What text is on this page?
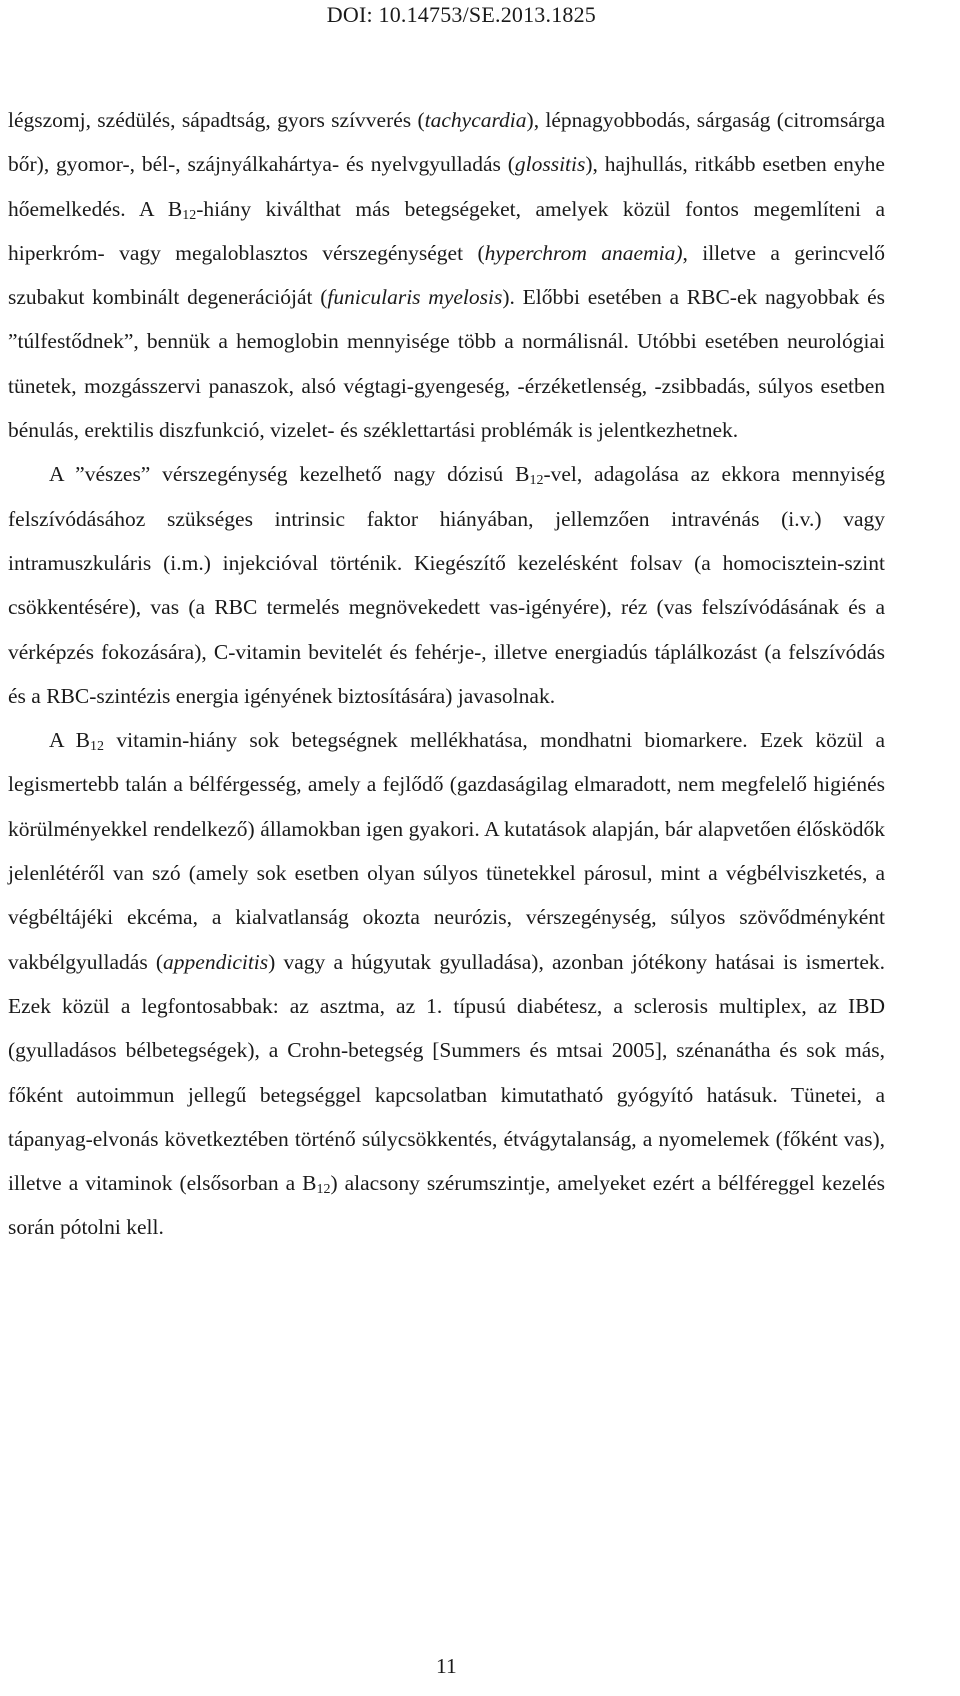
DOI: 10.14753/SE.2013.1825

légszomj, szédülés, sápadtság, gyors szívverés (tachycardia), lépnagyobbodás, sárgaság (citromsárga bőr), gyomor-, bél-, szájnyálkahártya- és nyelvgyulladás (glossitis), hajhullás, ritkább esetben enyhe hőemelkedés. A $B_{12}$-hiány kiválthat más betegségeket, amelyek közül fontos megemlíteni a hiperkróm- vagy megaloblasztos vérszegénységet (hyperchrom anaemia), illetve a gerincvelő szubakut kombinált degenerációját (funicularis myelosis). Előbbi esetében a RBC-ek nagyobbak és ”túlfestődnek”, bennük a hemoglobin mennyisége több a normálisnál. Utóbbi esetében neurológiai tünetek, mozgásszervi panaszok, alsó végtagi-gyengeség, -érzéketlenség, -zsibbadás, súlyos esetben bénulás, erektilis diszfunkció, vizelet- és széklettartási problémák is jelentkezhetnek.

A ”vészes” vérszegénység kezelhető nagy dózisú $B_{12}$-vel, adagolása az ekkora mennyiség felszívódásához szükséges intrinsic faktor hiányában, jellemzően intravénás (i.v.) vagy intramuszkuláris (i.m.) injekcióval történik. Kiegészítő kezelésként folsav (a homocisztein-szint csökkentésére), vas (a RBC termelés megnövekedett vas-igényére), réz (vas felszívódásának és a vérképzés fokozására), C-vitamin bevitelét és fehérje-, illetve energiadús táplálkozást (a felszívódás és a RBC-szintézis energia igényének biztosítására) javasolnak.

A $B_{12}$ vitamin-hiány sok betegségnek mellékhatása, mondhatni biomarkere. Ezek közül a legismertebb talán a bélférgesség, amely a fejlődő (gazdaságilag elmaradott, nem megfelelő higiénés körülményekkel rendelkező) államokban igen gyakori. A kutatások alapján, bár alapvetően élősködők jelenlétéről van szó (amely sok esetben olyan súlyos tünetekkel párosul, mint a végbélviszketés, a végbéltájéki ekcéma, a kialvatlanság okozta neurózis, vérszegénység, súlyos szövődményként vakbélgyulladás (appendicitis) vagy a húgyutak gyulladása), azonban jótékony hatásai is ismertek. Ezek közül a legfontosabbak: az asztma, az 1. típusú diabétesz, a sclerosis multiplex, az IBD (gyulladásos bélbetegségek), a Crohn-betegség [Summers és mtsai 2005], szénanátha és sok más, főként autoimmun jellegű betegséggel kapcsolatban kimutatható gyógyító hatásuk. Tünetei, a tápanyag-elvonás következtében történő súlycsökkentés, étvágytalanság, a nyomelemek (főként vas), illetve a vitaminok (elsősorban a $B_{12}$) alacsony szérumszintje, amelyeket ezért a bélféreggel kezelés során pótolni kell.

11
